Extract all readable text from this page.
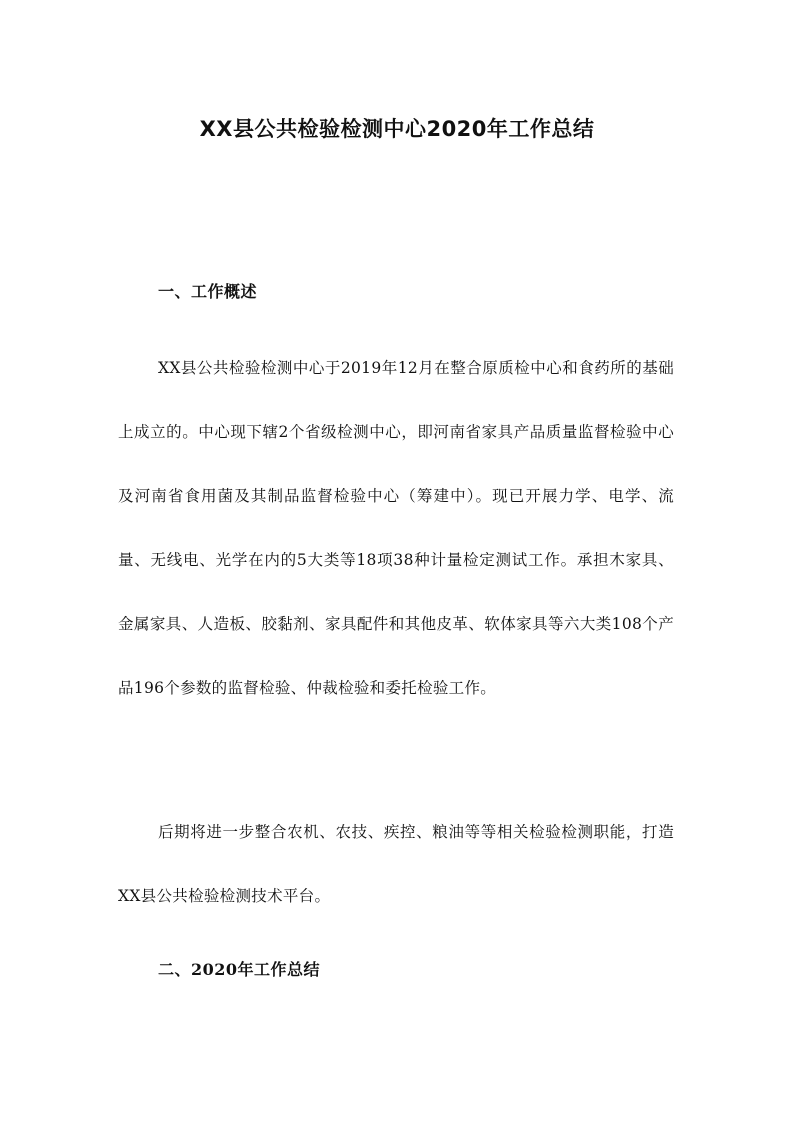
XX县公共检验检测中心2020年工作总结
一、工作概述

XX县公共检验检测中心于2019年12月在整合原质检中心和食药所的基础上成立的。中心现下辖2个省级检测中心，即河南省家具产品质量监督检验中心及河南省食用菌及其制品监督检验中心（筹建中）。现已开展力学、电学、流量、无线电、光学在内的5大类等18项38种计量检定测试工作。承担木家具、金属家具、人造板、胶黏剂、家具配件和其他皮革、软体家具等六大类108个产品196个参数的监督检验、仲裁检验和委托检验工作。

后期将进一步整合农机、农技、疾控、粮油等等相关检验检测职能，打造XX县公共检验检测技术平台。

二、2020年工作总结
